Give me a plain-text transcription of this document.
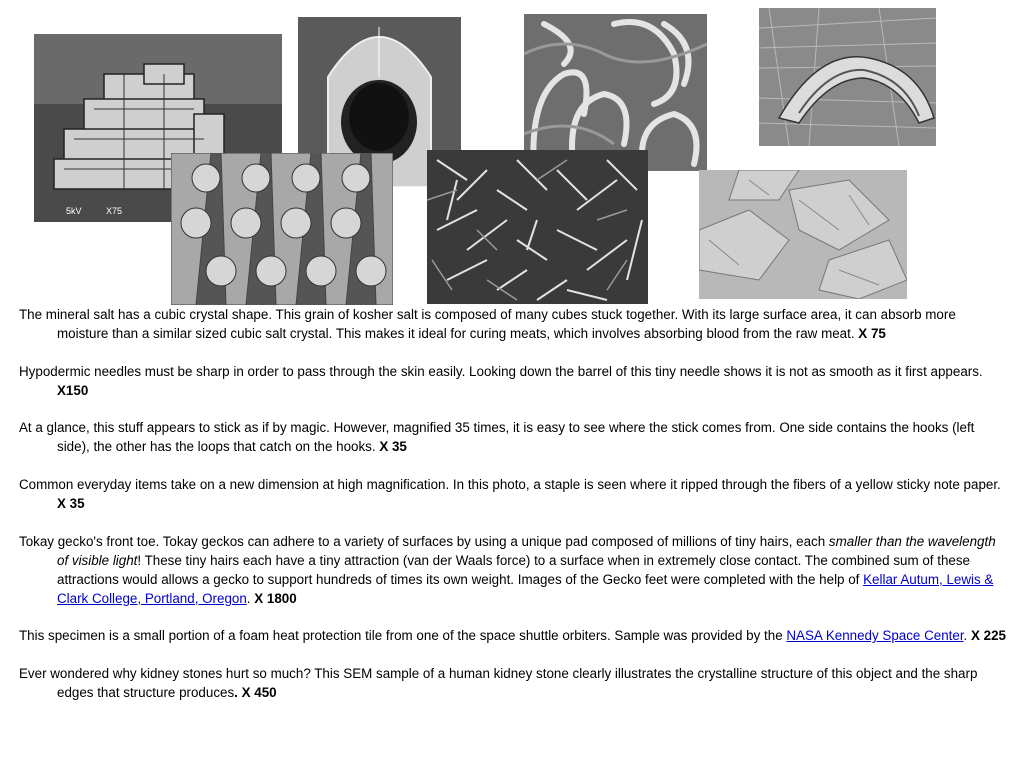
5kV	X75

The mineral salt has a cubic crystal shape. This grain of kosher salt is composed of many cubes stuck together. With its large surface area, it can absorb more moisture than a similar sized cubic salt crystal. This makes it ideal for curing meats, which involves absorbing blood from the raw meat. X 75

Hypodermic needles must be sharp in order to pass through the skin easily. Looking down the barrel of this tiny needle shows it is not as smooth as it first appears. X150

At a glance, this stuff appears to stick as if by magic. However, magnified 35 times, it is easy to see where the stick comes from. One side contains the hooks (left side), the other has the loops that catch on the hooks. X 35

Common everyday items take on a new dimension at high magnification. In this photo, a staple is seen where it ripped through the fibers of a yellow sticky note paper. X 35

Tokay gecko's front toe. Tokay geckos can adhere to a variety of surfaces by using a unique pad composed of millions of tiny hairs, each smaller than the wavelength of visible light! These tiny hairs each have a tiny attraction (van der Waals force) to a surface when in extremely close contact. The combined sum of these attractions would allows a gecko to support hundreds of times its own weight. Images of the Gecko feet were completed with the help of Kellar Autum, Lewis & Clark College, Portland, Oregon. X 1800

This specimen is a small portion of a foam heat protection tile from one of the space shuttle orbiters. Sample was provided by the NASA Kennedy Space Center. X 225

Ever wondered why kidney stones hurt so much? This SEM sample of a human kidney stone clearly illustrates the crystalline structure of this object and the sharp edges that structure produces. X 450
